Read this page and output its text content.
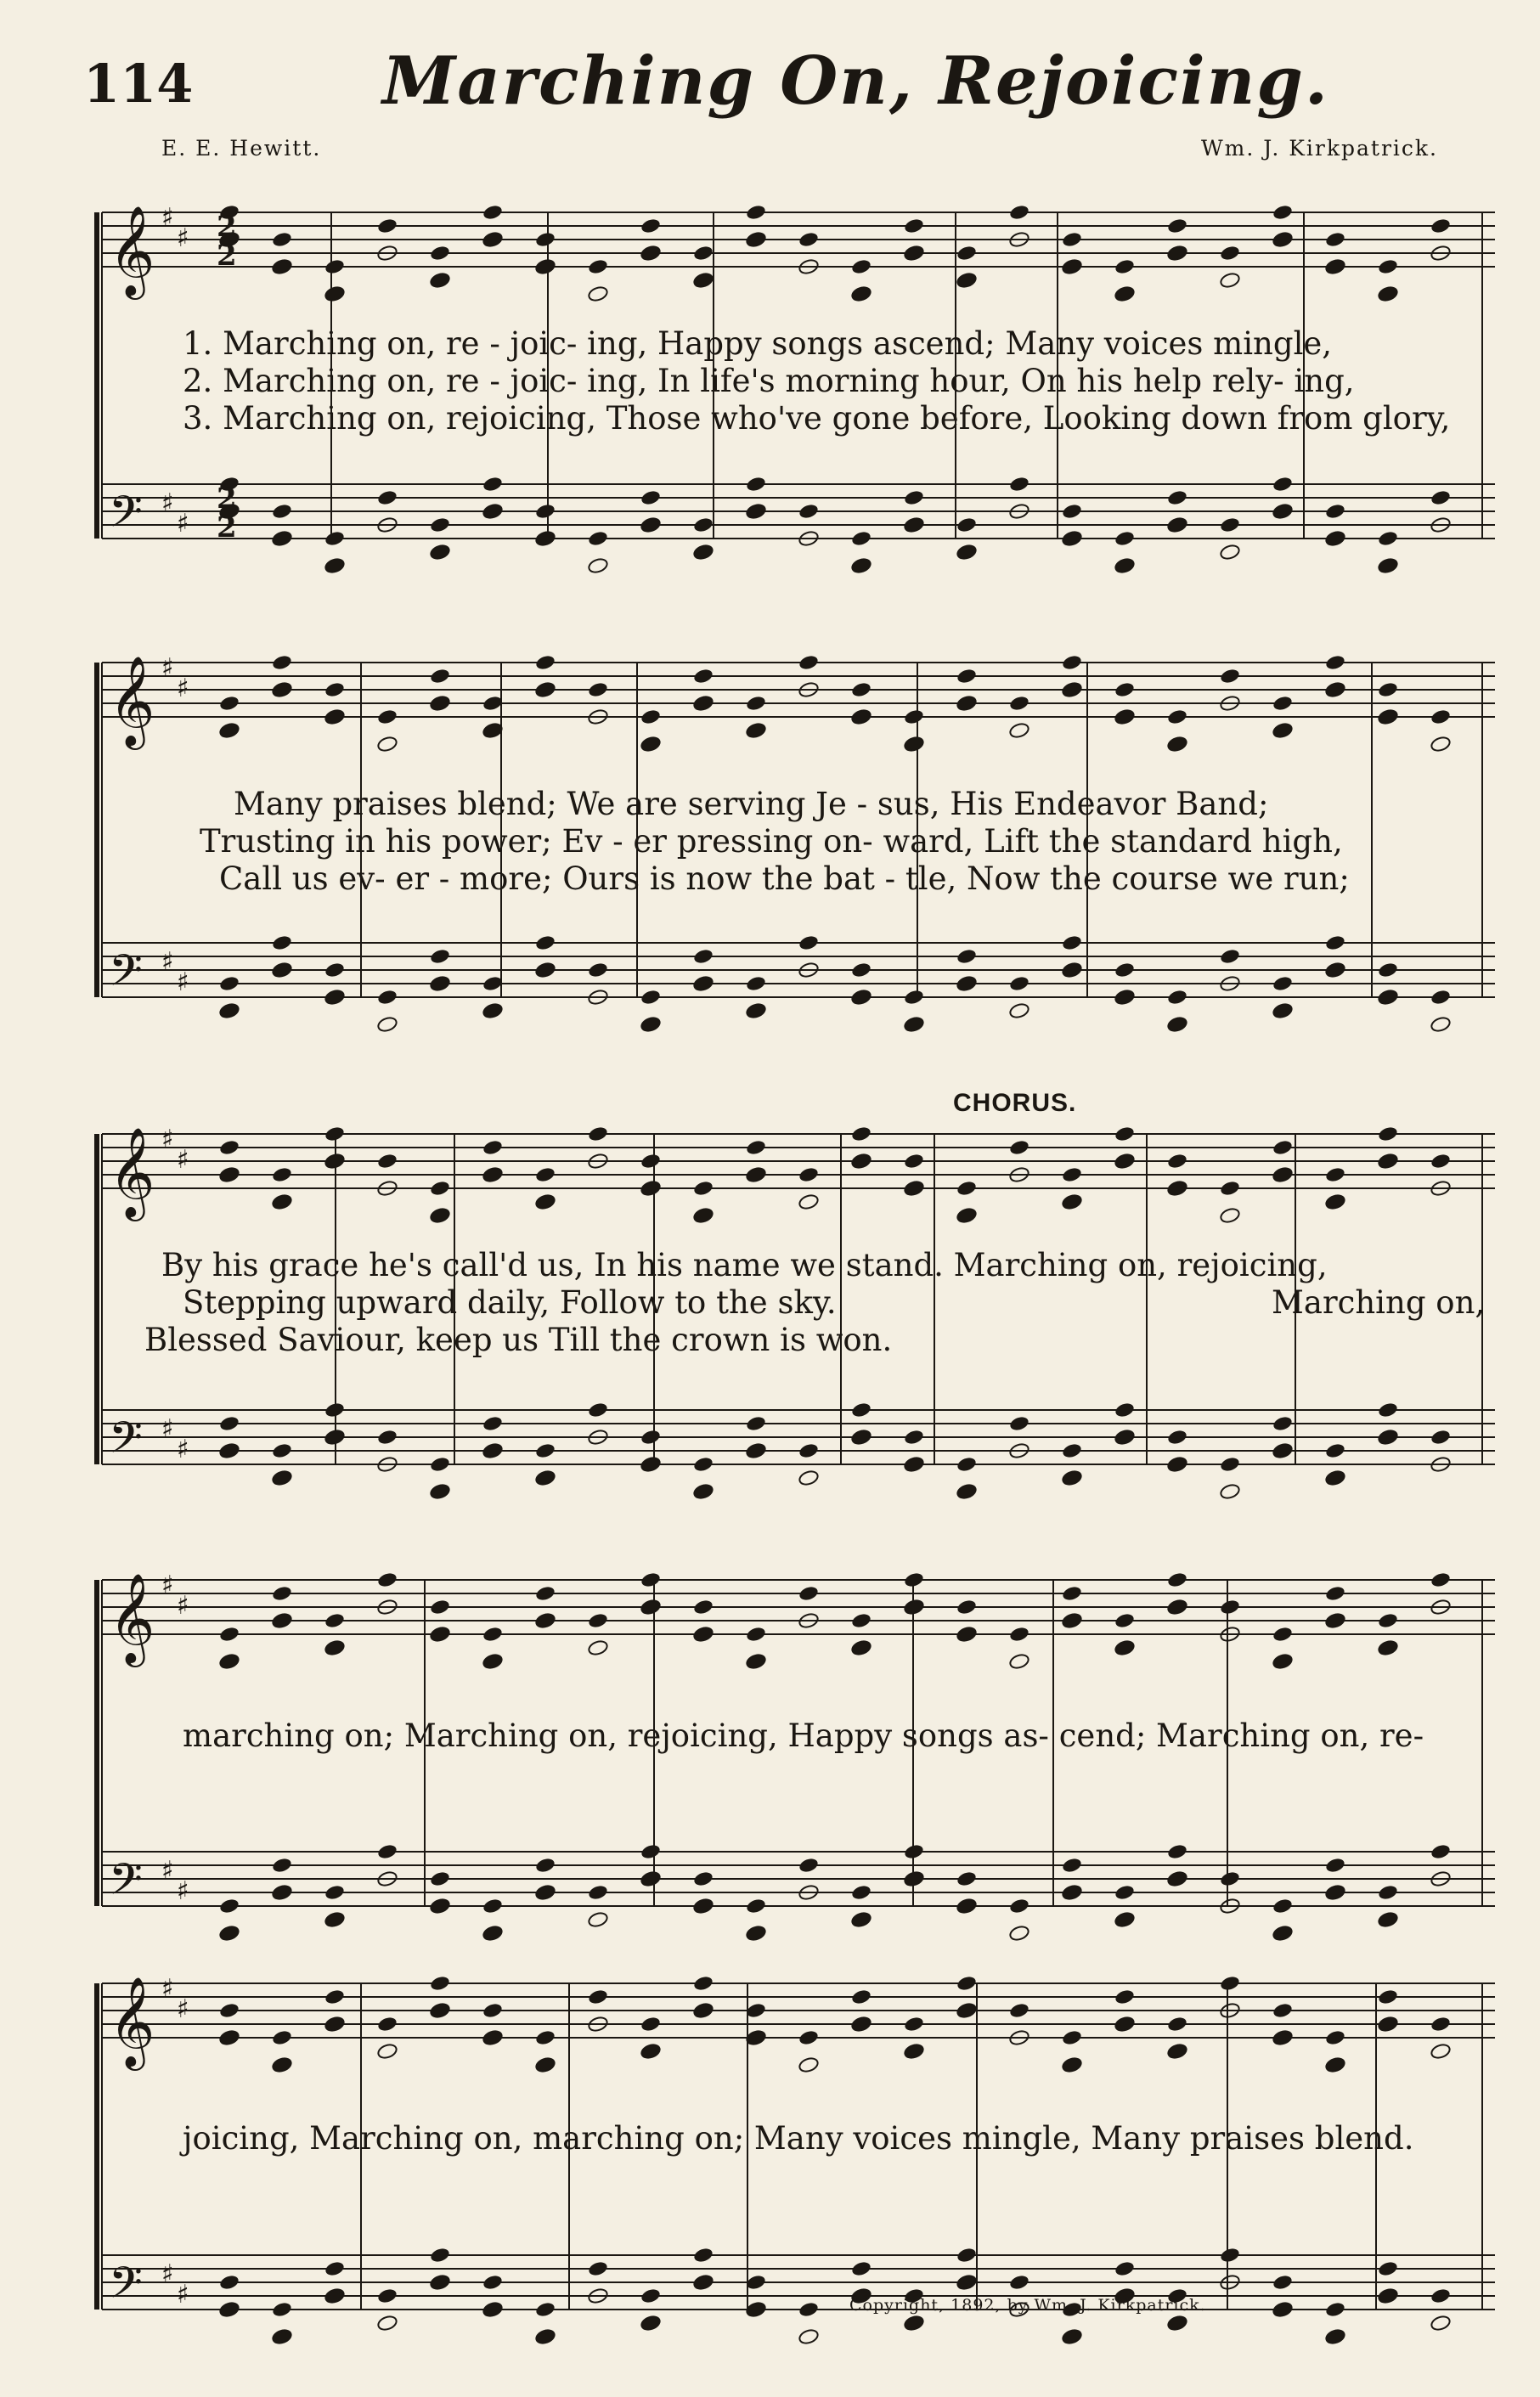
114	Marching On, Rejoicing.
E. E. Hewitt.	Wm. J. Kirkpatrick.
𝄞 ♯
♯
𝄢 ♯
♯
2
2
2
2
𝄞 ♯
♯
𝄢 ♯
♯
𝄞 ♯
♯
𝄢 ♯
♯
𝄞 ♯
♯
𝄢 ♯
♯
𝄞 ♯
♯
𝄢 ♯
♯
1. Marching on, re - joic- ing, Happy songs ascend; Many voices mingle,
2. Marching on, re - joic- ing, In life's morning hour, On his help rely- ing,
3. Marching on, rejoicing, Those who've gone before, Looking down from glory,
Many praises blend; We are serving Je - sus, His Endeavor Band;
Trusting in his power; Ev - er pressing on- ward, Lift the standard high,
Call us ev- er - more; Ours is now the bat - tle, Now the course we run;
CHORUS.
By his grace he's call'd us, In his name we stand. Marching on, rejoicing,
Stepping upward daily, Follow to the sky.
Blessed Saviour, keep us Till the crown is won.
Marching on,
marching on; Marching on, rejoicing, Happy songs as- cend; Marching on, re-
joicing, Marching on, marching on; Many voices mingle, Many praises blend.
Copyright, 1892, by Wm. J. Kirkpatrick.
